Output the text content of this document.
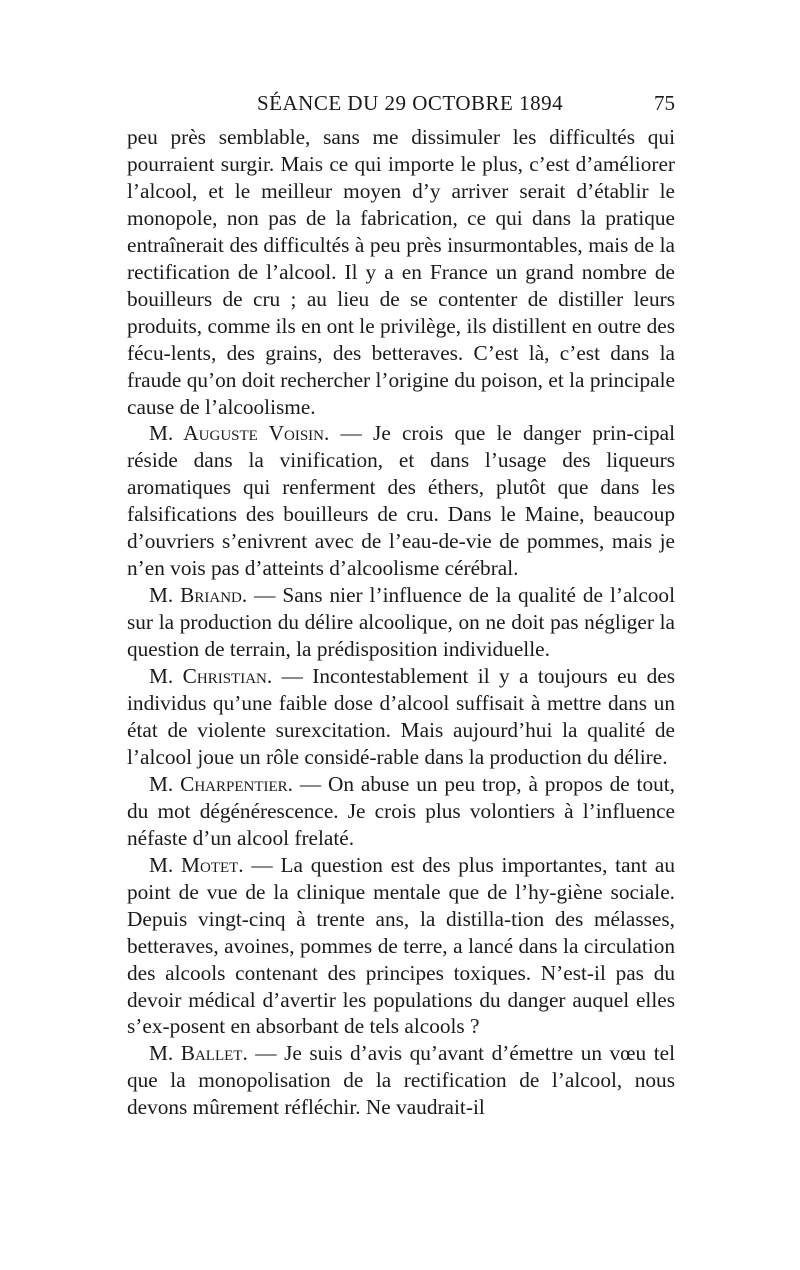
SÉANCE DU 29 OCTOBRE 1894	75

peu près semblable, sans me dissimuler les difficultés qui pourraient surgir. Mais ce qui importe le plus, c’est d’améliorer l’alcool, et le meilleur moyen d’y arriver serait d’établir le monopole, non pas de la fabrication, ce qui dans la pratique entraînerait des difficultés à peu près insurmontables, mais de la rectification de l’alcool. Il y a en France un grand nombre de bouilleurs de cru ; au lieu de se contenter de distiller leurs produits, comme ils en ont le privilège, ils distillent en outre des fécu-lents, des grains, des betteraves. C’est là, c’est dans la fraude qu’on doit rechercher l’origine du poison, et la principale cause de l’alcoolisme.

M. Auguste Voisin. — Je crois que le danger prin-cipal réside dans la vinification, et dans l’usage des liqueurs aromatiques qui renferment des éthers, plutôt que dans les falsifications des bouilleurs de cru. Dans le Maine, beaucoup d’ouvriers s’enivrent avec de l’eau-de-vie de pommes, mais je n’en vois pas d’atteints d’alcoolisme cérébral.

M. Briand. — Sans nier l’influence de la qualité de l’alcool sur la production du délire alcoolique, on ne doit pas négliger la question de terrain, la prédisposition individuelle.

M. Christian. — Incontestablement il y a toujours eu des individus qu’une faible dose d’alcool suffisait à mettre dans un état de violente surexcitation. Mais aujourd’hui la qualité de l’alcool joue un rôle considé-rable dans la production du délire.

M. Charpentier. — On abuse un peu trop, à propos de tout, du mot dégénérescence. Je crois plus volontiers à l’influence néfaste d’un alcool frelaté.

M. Motet. — La question est des plus importantes, tant au point de vue de la clinique mentale que de l’hy-giène sociale. Depuis vingt-cinq à trente ans, la distilla-tion des mélasses, betteraves, avoines, pommes de terre, a lancé dans la circulation des alcools contenant des principes toxiques. N’est-il pas du devoir médical d’avertir les populations du danger auquel elles s’ex-posent en absorbant de tels alcools ?

M. Ballet. — Je suis d’avis qu’avant d’émettre un vœu tel que la monopolisation de la rectification de l’alcool, nous devons mûrement réfléchir. Ne vaudrait-il
